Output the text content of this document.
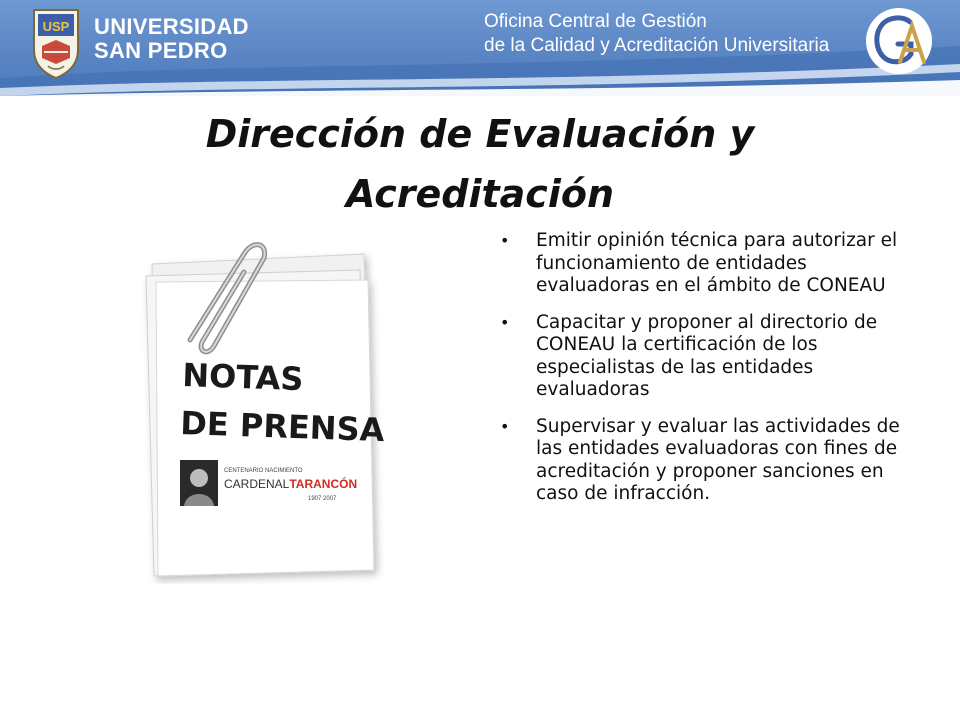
USP UNIVERSIDAD
SAN PEDRO
Oficina Central de Gestión
de la Calidad y Acreditación Universitaria
Dirección de Evaluación y Acreditación
NOTAS
DE PRENSA
CENTENARIO NACIMIENTO
CARDENALTARANCÓN
1907 2007
• Emitir opinión técnica para autorizar el funcionamiento de entidades evaluadoras en el ámbito de CONEAU
• Capacitar y proponer al directorio de CONEAU la certificación de los especialistas de las entidades evaluadoras
• Supervisar y evaluar las actividades de las entidades evaluadoras con fines de acreditación y proponer sanciones en caso de infracción.
